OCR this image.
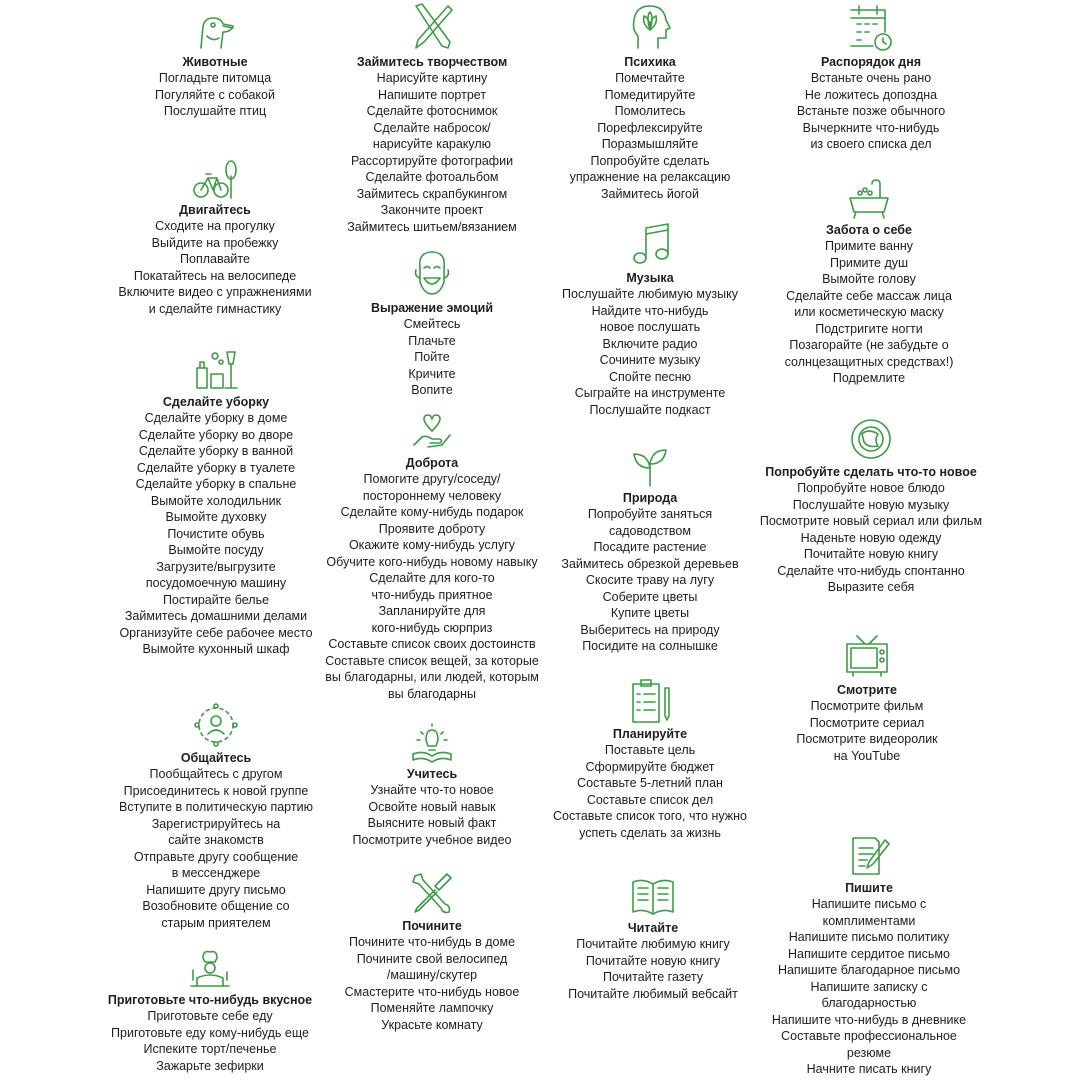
Животные
Погладьте питомца
Погуляйте с собакой
Послушайте птиц
Двигайтесь
Сходите на прогулку
Выйдите на пробежку
Поплавайте
Покатайтесь на велосипеде
Включите видео с упражнениями
и сделайте гимнастику
Сделайте уборку
Сделайте уборку в доме
Сделайте уборку во дворе
Сделайте уборку в ванной
Сделайте уборку в туалете
Сделайте уборку в спальне
Вымойте холодильник
Вымойте духовку
Почистите обувь
Вымойте посуду
Загрузите/выгрузите
посудомоечную машину
Постирайте белье
Займитесь домашними делами
Организуйте себе рабочее место
Вымойте кухонный шкаф
Общайтесь
Пообщайтесь с другом
Присоединитесь к новой группе
Вступите в политическую партию
Зарегистрируйтесь на
сайте знакомств
Отправьте другу сообщение
в мессенджере
Напишите другу письмо
Возобновите общение со
старым приятелем
Приготовьте что-нибудь вкусное
Приготовьте себе еду
Приготовьте еду кому-нибудь еще
Испеките торт/печенье
Зажарьте зефирки
Займитесь творчеством
Нарисуйте картину
Напишите портрет
Сделайте фотоснимок
Сделайте набросок/
нарисуйте каракулю
Рассортируйте фотографии
Сделайте фотоальбом
Займитесь скрапбукингом
Закончите проект
Займитесь шитьем/вязанием
Выражение эмоций
Смейтесь
Плачьте
Пойте
Кричите
Вопите
Доброта
Помогите другу/соседу/
постороннему человеку
Сделайте кому-нибудь подарок
Проявите доброту
Окажите кому-нибудь услугу
Обучите кого-нибудь новому навыку
Сделайте для кого-то
что-нибудь приятное
Запланируйте для
кого-нибудь сюрприз
Составьте список своих достоинств
Составьте список вещей, за которые
вы благодарны, или людей, которым
вы благодарны
Учитесь
Узнайте что-то новое
Освойте новый навык
Выясните новый факт
Посмотрите учебное видео
Почините
Почините что-нибудь в доме
Почините свой велосипед
/машину/скутер
Смастерите что-нибудь новое
Поменяйте лампочку
Украсьте комнату
Психика
Помечтайте
Помедитируйте
Помолитесь
Порефлексируйте
Поразмышляйте
Попробуйте сделать
упражнение на релаксацию
Займитесь йогой
Музыка
Послушайте любимую музыку
Найдите что-нибудь
новое послушать
Включите радио
Сочините музыку
Спойте песню
Сыграйте на инструменте
Послушайте подкаст
Природа
Попробуйте заняться
садоводством
Посадите растение
Займитесь обрезкой деревьев
Скосите траву на лугу
Соберите цветы
Купите цветы
Выберитесь на природу
Посидите на солнышке
Планируйте
Поставьте цель
Сформируйте бюджет
Составьте 5-летний план
Составьте список дел
Составьте список того, что нужно
успеть сделать за жизнь
Читайте
Почитайте любимую книгу
Почитайте новую книгу
Почитайте газету
Почитайте любимый вебсайт
Распорядок дня
Встаньте очень рано
Не ложитесь допоздна
Встаньте позже обычного
Вычеркните что-нибудь
из своего списка дел
Забота о себе
Примите ванну
Примите душ
Вымойте голову
Сделайте себе массаж лица
или косметическую маску
Подстригите ногти
Позагорайте (не забудьте о
солнцезащитных средствах!)
Подремлите
Попробуйте сделать что-то новое
Попробуйте новое блюдо
Послушайте новую музыку
Посмотрите новый сериал или фильм
Наденьте новую одежду
Почитайте новую книгу
Сделайте что-нибудь спонтанно
Выразите себя
Смотрите
Посмотрите фильм
Посмотрите сериал
Посмотрите видеоролик
на YouTube
Пишите
Напишите письмо с
комплиментами
Напишите письмо политику
Напишите сердитое письмо
Напишите благодарное письмо
Напишите записку с
благодарностью
Напишите что-нибудь в дневнике
Составьте профессиональное
резюме
Начните писать книгу
